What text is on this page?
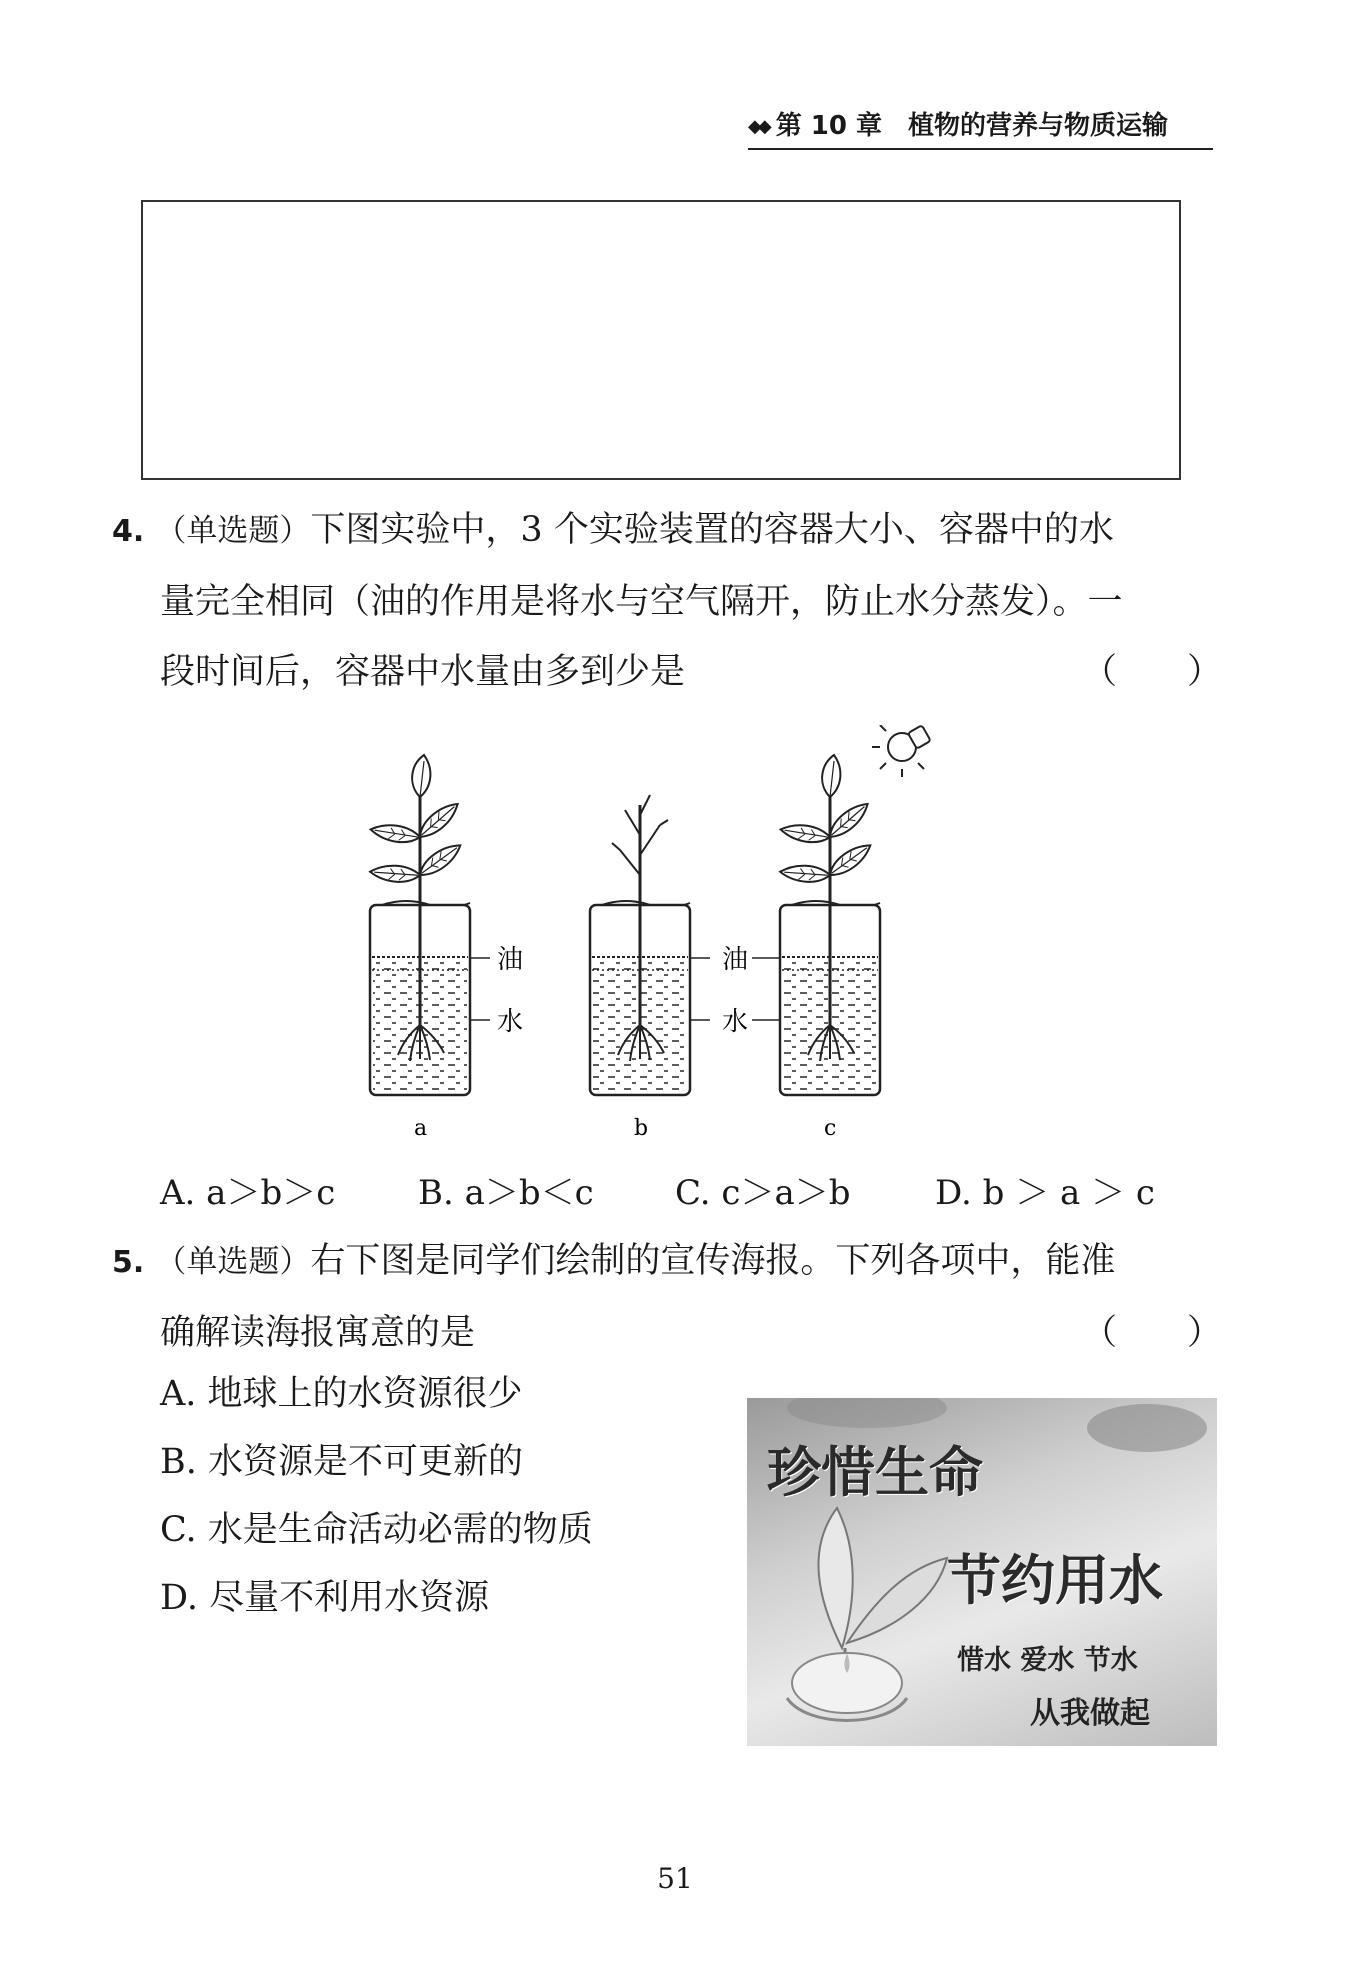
◆◆ 第 10 章 植物的营养与物质运输
4. （单选题）下图实验中，3 个实验装置的容器大小、容器中的水
量完全相同（油的作用是将水与空气隔开，防止水分蒸发）。一
段时间后，容器中水量由多到少是	（　　）
油
水
油
水
a	b	c
A. a＞b＞c B. a＞b＜c C. c＞a＞b D. b ＞ a ＞ c
5. （单选题）右下图是同学们绘制的宣传海报。下列各项中，能准
确解读海报寓意的是	（　　）
A. 地球上的水资源很少
B. 水资源是不可更新的
C. 水是生命活动必需的物质
D. 尽量不利用水资源
珍惜生命
节约用水
惜水 爱水 节水
从我做起
51
